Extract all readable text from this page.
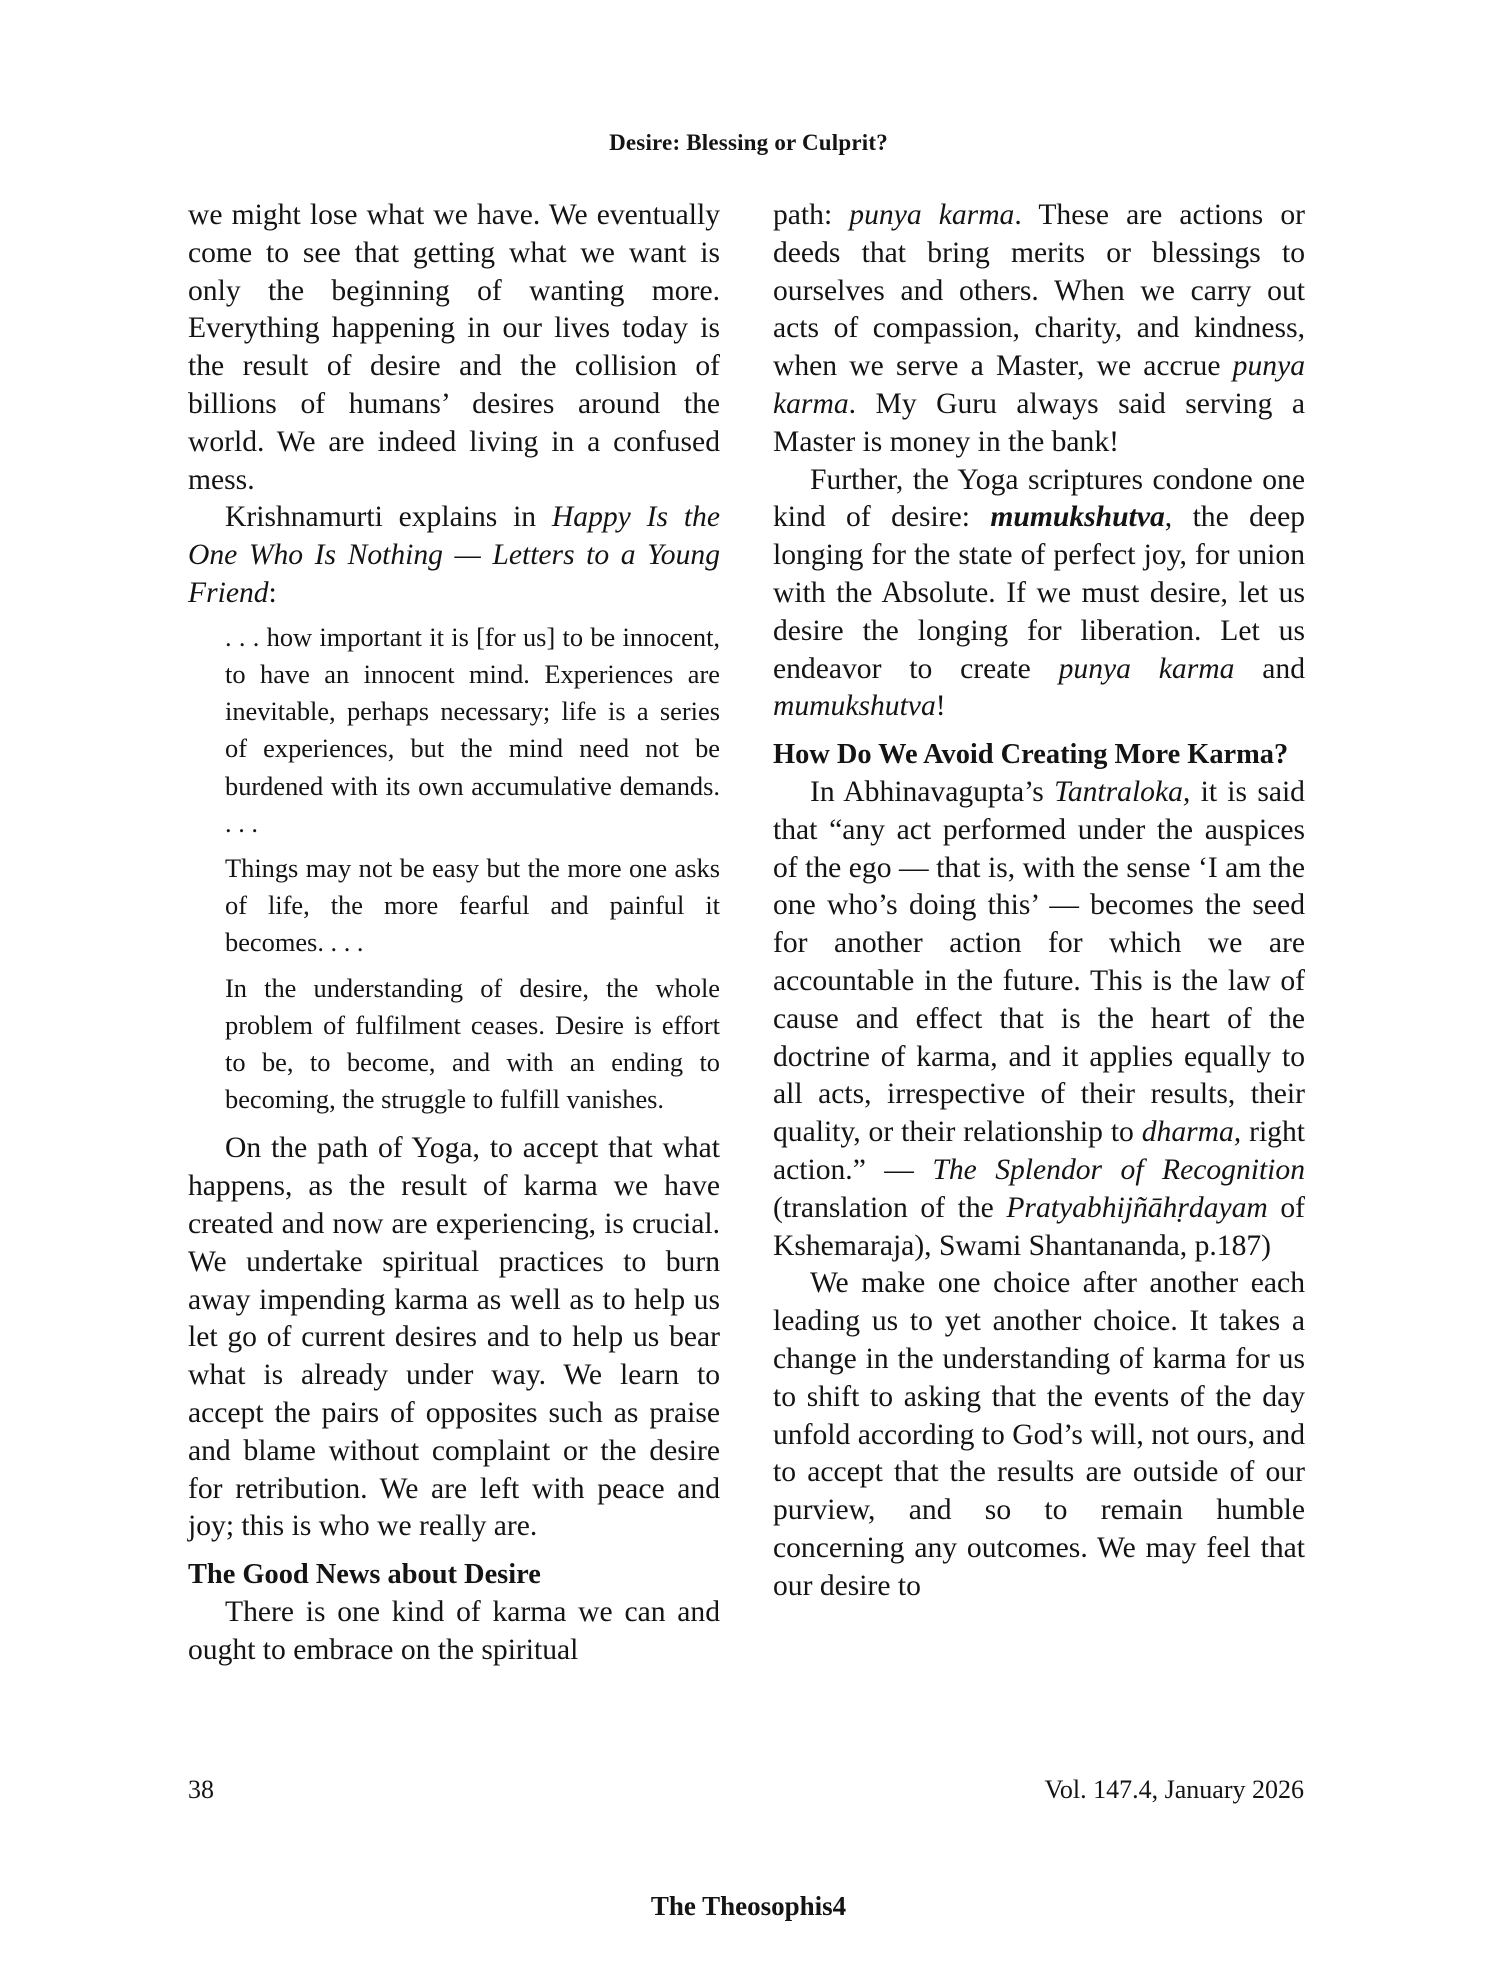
Desire: Blessing or Culprit?

we might lose what we have. We eventually come to see that getting what we want is only the beginning of wanting more. Everything happening in our lives today is the result of desire and the collision of billions of humans’ desires around the world. We are indeed living in a confused mess.

Krishnamurti explains in Happy Is the One Who Is Nothing — Letters to a Young Friend:

. . . how important it is [for us] to be innocent, to have an innocent mind. Experiences are inevitable, perhaps necessary; life is a series of experiences, but the mind need not be burdened with its own accumulative demands. . . .

Things may not be easy but the more one asks of life, the more fearful and painful it becomes. . . .

In the understanding of desire, the whole problem of fulfilment ceases. Desire is effort to be, to become, and with an ending to becoming, the struggle to fulfill vanishes.

On the path of Yoga, to accept that what happens, as the result of karma we have created and now are experiencing, is crucial. We undertake spiritual practices to burn away impending karma as well as to help us let go of current desires and to help us bear what is already under way. We learn to accept the pairs of opposites such as praise and blame without complaint or the desire for retribution. We are left with peace and joy; this is who we really are.

The Good News about Desire

There is one kind of karma we can and ought to embrace on the spiritual

path: punya karma. These are actions or deeds that bring merits or blessings to ourselves and others. When we carry out acts of compassion, charity, and kindness, when we serve a Master, we accrue punya karma. My Guru always said serving a Master is money in the bank!

Further, the Yoga scriptures condone one kind of desire: mumukshutva, the deep longing for the state of perfect joy, for union with the Absolute. If we must desire, let us desire the longing for liberation. Let us endeavor to create punya karma and mumukshutva!

How Do We Avoid Creating More Karma?

In Abhinavagupta’s Tantraloka, it is said that “any act performed under the auspices of the ego — that is, with the sense ‘I am the one who’s doing this’ — becomes the seed for another action for which we are accountable in the future. This is the law of cause and effect that is the heart of the doctrine of karma, and it applies equally to all acts, irrespective of their results, their quality, or their relationship to dharma, right action.” — The Splendor of Recognition (translation of the Pratyabhijñāhṛdayam of Kshemaraja), Swami Shantananda, p.187)

We make one choice after another each leading us to yet another choice. It takes a change in the understanding of karma for us to shift to asking that the events of the day unfold according to God’s will, not ours, and to accept that the results are outside of our purview, and so to remain humble concerning any outcomes. We may feel that our desire to

38	Vol. 147.4, January 2026
The Theosophis4
